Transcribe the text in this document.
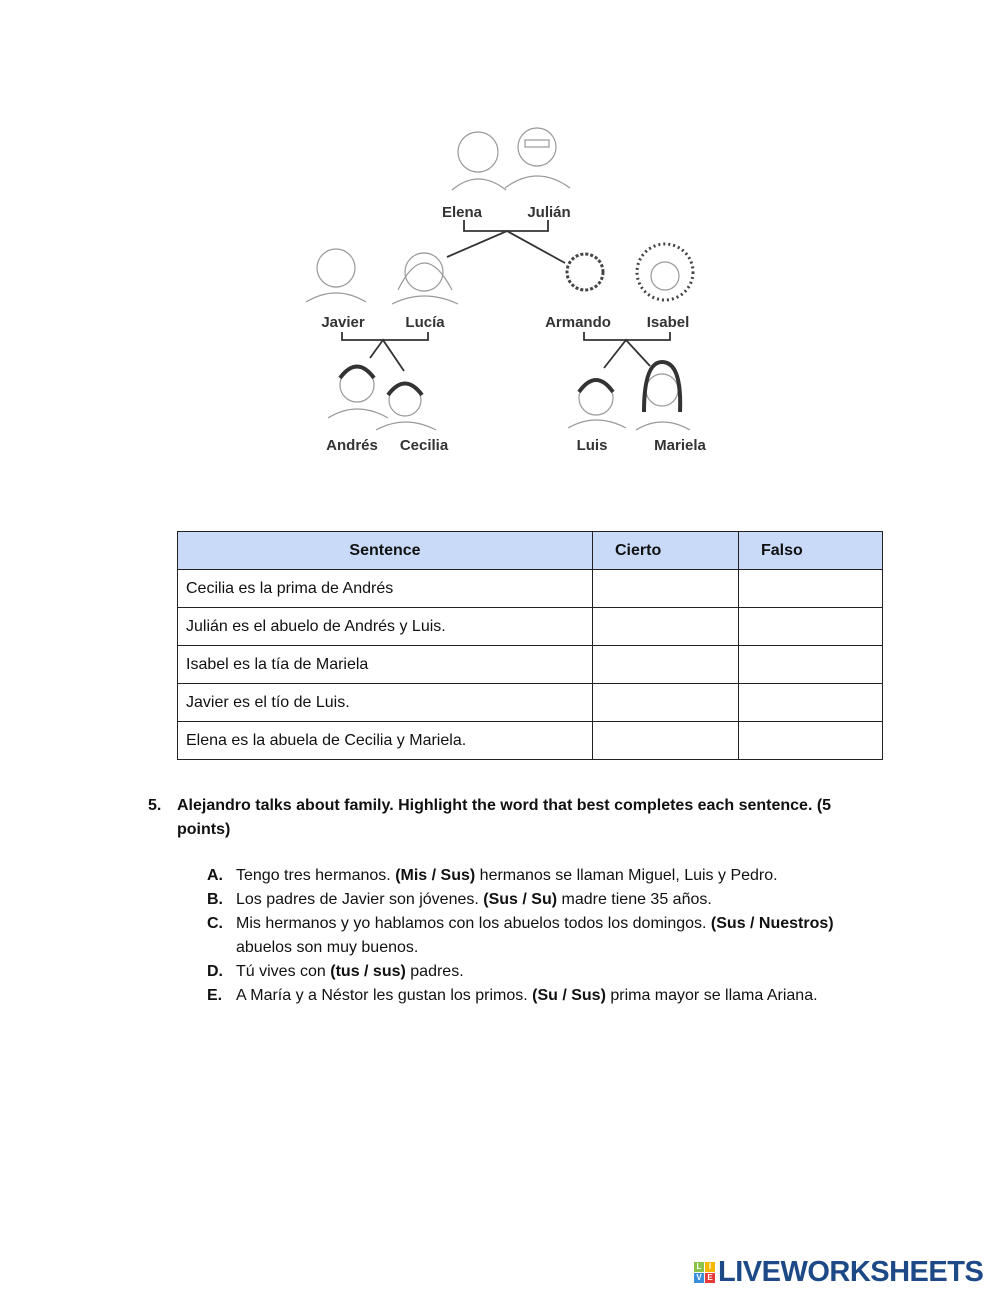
Elena	Julián
Javier	Lucía	Armando Isabel
Andrés Cecilia	Luis	Mariela
Sentence	Cierto	Falso
Cecilia es la prima de Andrés		
Julián es el abuelo de Andrés y Luis.		
Isabel es la tía de Mariela		
Javier es el tío de Luis.		
Elena es la abuela de Cecilia y Mariela.		
5. Alejandro talks about family. Highlight the word that best completes each sentence. (5 points)
A. Tengo tres hermanos. (Mis / Sus) hermanos se llaman Miguel, Luis y Pedro.
B. Los padres de Javier son jóvenes. (Sus / Su) madre tiene 35 años.
C. Mis hermanos y yo hablamos con los abuelos todos los domingos. (Sus / Nuestros) abuelos son muy buenos.
D. Tú vives con (tus / sus) padres.
E. A María y a Néstor les gustan los primos. (Su / Sus) prima mayor se llama Ariana.
L I
V E LIVEWORKSHEETS
